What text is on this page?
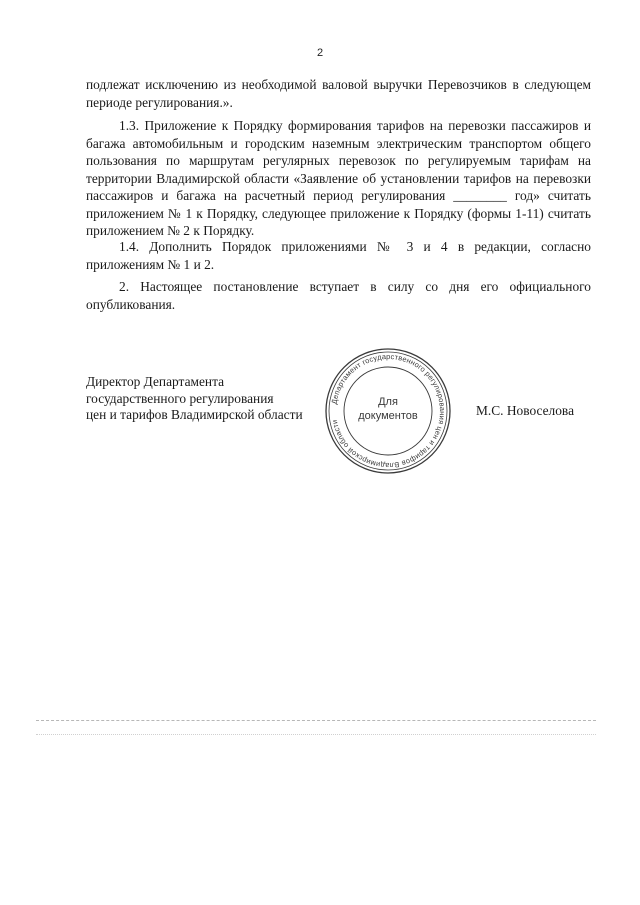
2

подлежат исключению из необходимой валовой выручки Перевозчиков в следующем периоде регулирования.».

1.3. Приложение к Порядку формирования тарифов на перевозки пассажиров и багажа автомобильным и городским наземным электрическим транспортом общего пользования по маршрутам регулярных перевозок по регулируемым тарифам на территории Владимирской области «Заявление об установлении тарифов на перевозки пассажиров и багажа на расчетный период регулирования ________ год» считать приложением № 1 к Порядку, следующее приложение к Порядку (формы 1-11) считать приложением № 2 к Порядку.

1.4. Дополнить Порядок приложениями № 3 и 4 в редакции, согласно приложениям № 1 и 2.

2. Настоящее постановление вступает в силу со дня его официального опубликования.

Директор Департамента
государственного регулирования
цен и тарифов Владимирской области
Департамент государственного регулирования цен и тарифов Владимирской области
Для
документов	М.С. Новоселова
